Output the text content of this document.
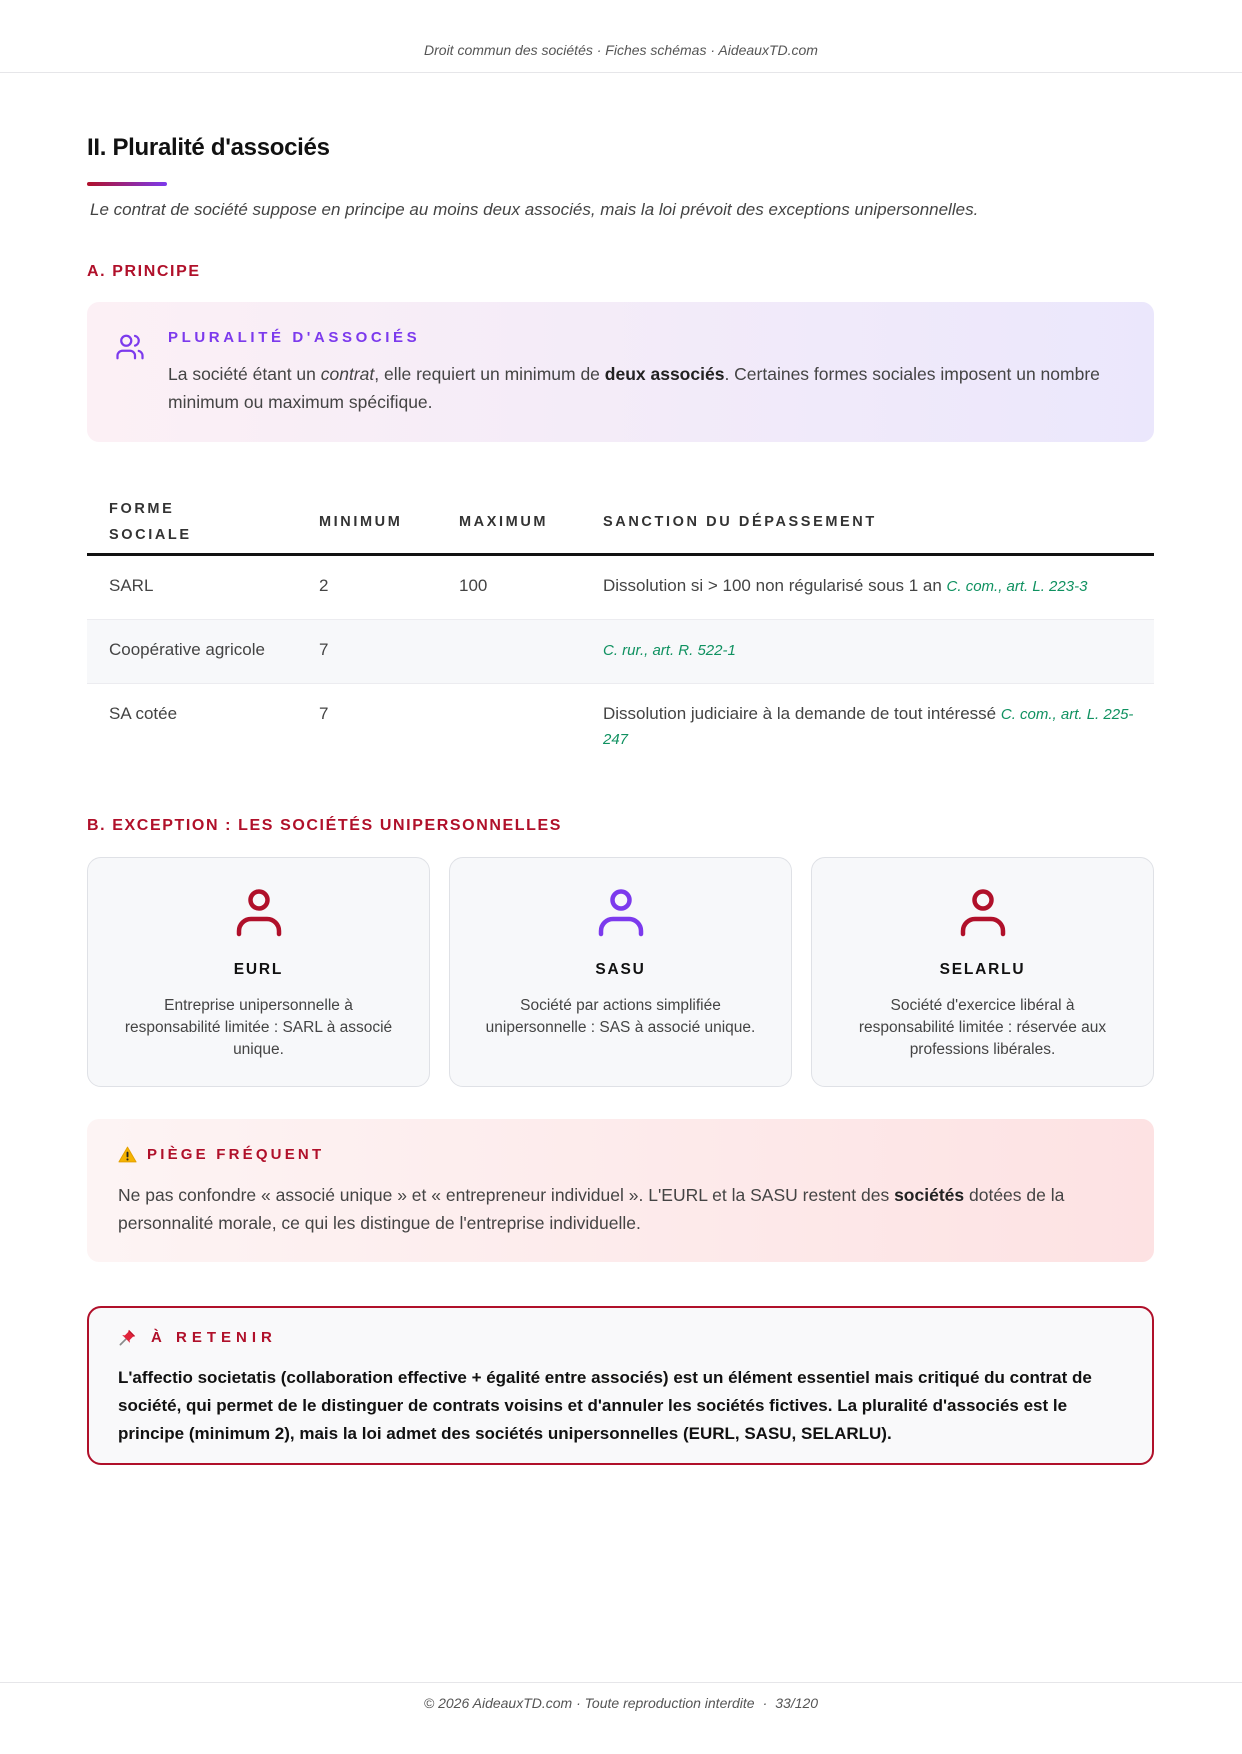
Droit commun des sociétés · Fiches schémas · AideauxTD.com
II. Pluralité d'associés

Le contrat de société suppose en principe au moins deux associés, mais la loi prévoit des exceptions unipersonnelles.

A. PRINCIPE
PLURALITÉ D'ASSOCIÉS
La société étant un contrat, elle requiert un minimum de deux associés. Certaines formes sociales imposent un nombre minimum ou maximum spécifique.
FORME SOCIALE	MINIMUM	MAXIMUM	SANCTION DU DÉPASSEMENT
SARL	2	100	Dissolution si > 100 non régularisé sous 1 an C. com., art. L. 223-3
Coopérative agricole	7		C. rur., art. R. 522-1
SA cotée	7		Dissolution judiciaire à la demande de tout intéressé C. com., art. L. 225-247
B. EXCEPTION : LES SOCIÉTÉS UNIPERSONNELLES
EURL
Entreprise unipersonnelle à responsabilité limitée : SARL à associé unique.
SASU
Société par actions simplifiée unipersonnelle : SAS à associé unique.
SELARLU
Société d'exercice libéral à responsabilité limitée : réservée aux professions libérales.
PIÈGE FRÉQUENT
Ne pas confondre « associé unique » et « entrepreneur individuel ». L'EURL et la SASU restent des sociétés dotées de la personnalité morale, ce qui les distingue de l'entreprise individuelle.
À RETENIR
L'affectio societatis (collaboration effective + égalité entre associés) est un élément essentiel mais critiqué du contrat de société, qui permet de le distinguer de contrats voisins et d'annuler les sociétés fictives. La pluralité d'associés est le principe (minimum 2), mais la loi admet des sociétés unipersonnelles (EURL, SASU, SELARLU).
© 2026 AideauxTD.com · Toute reproduction interdite · 33/120
